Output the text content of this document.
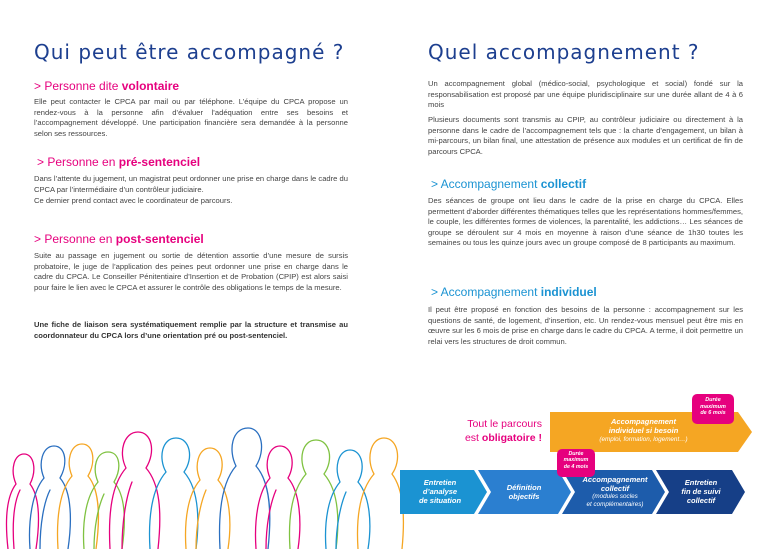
Qui peut être accompagné ?
> Personne dite volontaire

Elle peut contacter le CPCA par mail ou par téléphone. L’équipe du CPCA propose un rendez-vous à la personne afin d’évaluer l’adéquation entre ses besoins et l’accompagnement développé. Une participation financière sera demandée à la personne selon ses ressources.

> Personne en pré-sentenciel

Dans l’attente du jugement, un magistrat peut ordonner une prise en charge dans le cadre du CPCA par l’intermédiaire d’un contrôleur judiciaire.

Ce dernier prend contact avec le coordinateur de parcours.

> Personne en post-sentenciel

Suite au passage en jugement ou sortie de détention assortie d’une mesure de sursis probatoire, le juge de l’application des peines peut ordonner une prise en charge dans le cadre du CPCA. Le Conseiller Pénitentiaire d’Insertion et de Probation (CPIP) est alors saisi pour faire le lien avec le CPCA et assurer le contrôle des obligations le temps de la mesure.

Une fiche de liaison sera systématiquement remplie par la structure et transmise au coordonnateur du CPCA lors d’une orientation pré ou post-sentenciel.

Quel accompagnement ?

Un accompagnement global (médico-social, psychologique et social) fondé sur la responsabilisation est proposé par une équipe pluridisciplinaire sur une durée allant de 4 à 6 mois

Plusieurs documents sont transmis au CPIP, au contrôleur judiciaire ou directement à la personne dans le cadre de l’accompagnement tels que : la charte d’engagement, un bilan à mi-parcours, un bilan final, une attestation de présence aux modules et un certificat de fin de parcours CPCA.

> Accompagnement collectif

Des séances de groupe ont lieu dans le cadre de la prise en charge du CPCA. Elles permettent d’aborder différentes thématiques telles que les représentations hommes/femmes, le couple, les différentes formes de violences, la parentalité, les addictions… Les séances de groupe se déroulent sur 4 mois en moyenne à raison d’une séance de 1h30 toutes les semaines ou tous les quinze jours avec un groupe composé de 8 participants au maximum.

> Accompagnement individuel

Il peut être proposé en fonction des besoins de la personne : accompagnement sur les questions de santé, de logement, d’insertion, etc. Un rendez-vous mensuel peut être mis en œuvre sur les 6 mois de prise en charge dans le cadre du CPCA. A terme, il doit permettre un relai vers les structures de droit commun.

Tout le parcours
est obligatoire !
Accompagnement
individuel si besoin
(emploi, formation, logement…)
Durée
maximum
de 6 mois
Durée
maximum
de 4 mois
Entretien
d’analyse
de situation
Définition
objectifs
Accompagnement
collectif
(modules socles
et complémentaires)
Entretien
fin de suivi
collectif
